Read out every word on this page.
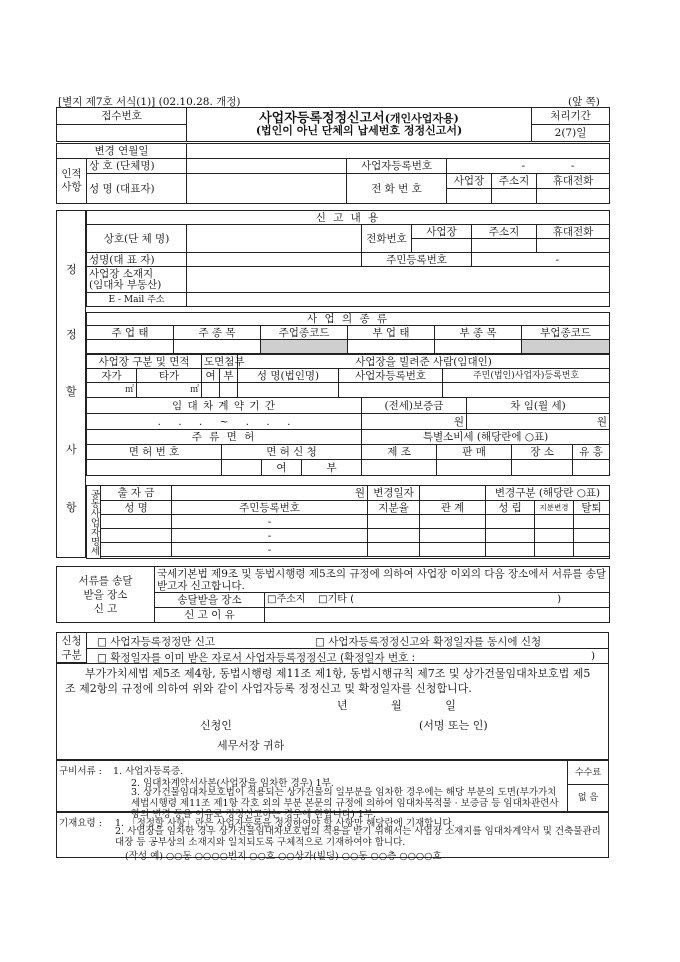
[별지 제7호 서식(1)] (02.10.28. 개정)	(앞 쪽)
접수번호	사업자등록정정신고서(개인사업자용)
(법인이 아닌 단체의 납세번호 정정신고서)	처리기간
		2(7)일
변경 연월일						
인적
사항	상 호 (단체명)		사업자등록번호	- -		
	성 명 (대표자)		전 화 번 호	사업장	주소지	휴대전화

정
정
할
사
항
신 고 내 용					
상호(단 체 명)		전화번호	사업장	주소지	휴대전화

성명(대 표 자)		주민등록번호		-	
사업장 소재지
(임대차 부동산)					
E - Mail 주소					
사 업 의 종 류					
주 업 태	주 종 목	주업종코드	부 업 태	부 종 목	부업종코드

사업장 구분 및 면적		도면첨부		사업장을 빌려준 사람(임대인)		
자가	타가	여	부	성 명(법인명)	사업자등록번호	주민(법인)사업자)등록번호
㎡	㎡					
임 대 차 계 약 기 간	(전세)보증금	차 임(월 세)
. . . ~ . . .	원	원
주 류 면 허				특별소비세 (해당란에 ○표)			
면 허 번 호	면 허 신 청			제 조	판 매	장 소	유 흥
		여	부				
공동사업자명세	출 자 금	원	변경일자		변경구분 (해당란 ○표)		
	성 명	주민등록번호	지분율	관 계	성 립	지분변경	탈퇴
		-					
		-					
		-					

서류를 송달
받을 장소
신 고	국세기본법 제9조 및 동법시행령 제5조의 규정에 의하여 사업장 이외의 다음 장소에서 서류를 송달받고자 신고합니다.	
	송달받을 장소	□주소지 □기타 ( )
	신 고 이 유	
신청
구분
□ 사업자등록정정만 신고	□ 사업자등록정정신고와 확정일자를 동시에 신청
□ 확정일자를 이미 받은 자로서 사업자등록정정신고 (확정일자 번호 :	)
부가가치세법 제5조 제4항, 동법시행령 제11조 제1항, 동법시행규칙 제7조 및 상가건물임대차보호법 제5조 제2항의 규정에 의하여 위와 같이 사업자등록 정정신고 및 확정일자를 신청합니다.
년 월 일
신청인	(서명 또는 인)
세무서장 귀하
구비서류 : 1. 사업자등록증.
2. 임대차계약서사본(사업장을 임차한 경우) 1부.
3. 상가건물임대차보호법이 적용되는 상가건물의 일부분을 임차한 경우에는 해당 부분의 도면(부가가치세법시행령 제11조 제1항 각호 외의 부분 본문의 규정에 의하여 임대차목적물 · 보증금 등 임대차관련사항의 변경 등을 이유로 정정신고하는 경우에 한합니다) 1부.
수수료
없 음
기재요령 : 1. 「정정할 사항」란은 사업자등록을 정정하여야 할 사항만 해당란에 기재합니다.
2. 사업장을 임차한 경우 상가건물임대차보호법의 적용을 받기 위해서는 사업장 소재지를 임대차계약서 및 건축물관리대장 등 공부상의 소재지와 일치되도록 구체적으로 기재하여야 합니다.
(작성 예) ○○동 ○○○○번지 ○○호 ○○상가(빌딩) ○○동 ○○층 ○○○○호
